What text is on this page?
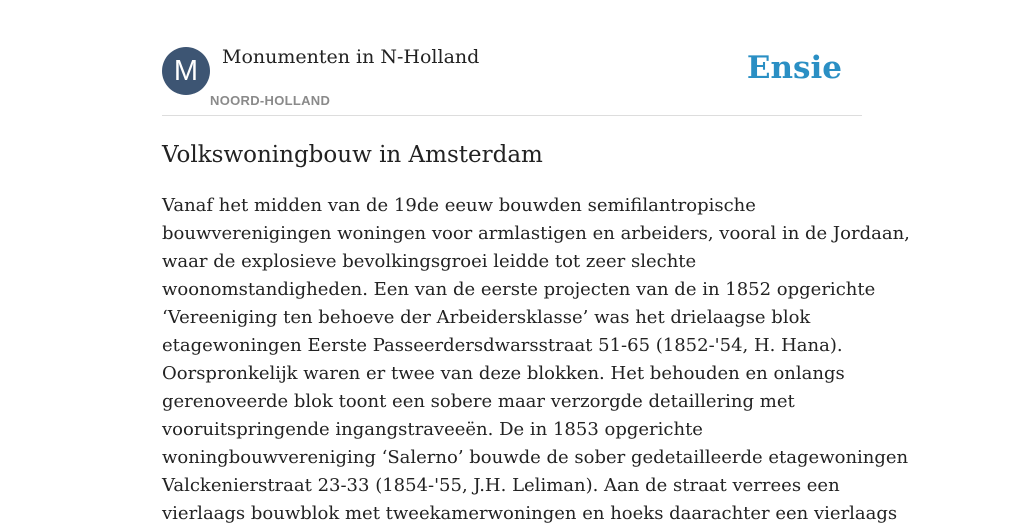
M	Monumenten in N-Holland
NOORD-HOLLAND
Ensie
Volkswoningbouw in Amsterdam
Vanaf het midden van de 19de eeuw bouwden semifilantropische
bouwverenigingen woningen voor armlastigen en arbeiders, vooral in de Jordaan,
waar de explosieve bevolkingsgroei leidde tot zeer slechte
woonomstandigheden. Een van de eerste projecten van de in 1852 opgerichte
‘Vereeniging ten behoeve der Arbeidersklasse’ was het drielaagse blok
etagewoningen Eerste Passeerdersdwarsstraat 51-65 (1852-'54, H. Hana).
Oorspronkelijk waren er twee van deze blokken. Het behouden en onlangs
gerenoveerde blok toont een sobere maar verzorgde detaillering met
vooruitspringende ingangstraveeën. De in 1853 opgerichte
woningbouwvereniging ‘Salerno’ bouwde de sober gedetailleerde etagewoningen
Valckenierstraat 23-33 (1854-'55, J.H. Leliman). Aan de straat verrees een
vierlaags bouwblok met tweekamerwoningen en hoeks daarachter een vierlaags
